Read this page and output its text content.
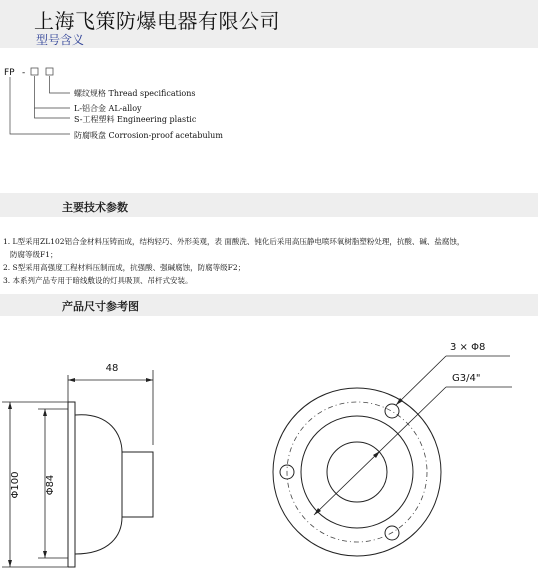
上海飞策防爆电器有限公司
型号含义
FP -
螺纹规格 Thread specifications
L-铝合金 AL-alloy
S-工程塑料 Engineering plastic
防腐吸盘 Corrosion-proof acetabulum
主要技术参数
1. L型采用ZL102铝合金材料压铸而成，结构轻巧、外形美观，表 面酸洗、钝化后采用高压静电喷环氧树脂塑粉处理，抗酸、碱、盐腐蚀，
防腐等级F1；
2. S型采用高强度工程材料压制而成，抗强酸、强碱腐蚀，防腐等级F2；
3. 本系列产品专用于暗线敷设的灯具吸顶、吊杆式安装。
产品尺寸参考图
48
Φ100 Φ84
3 × Φ8
G3/4"
